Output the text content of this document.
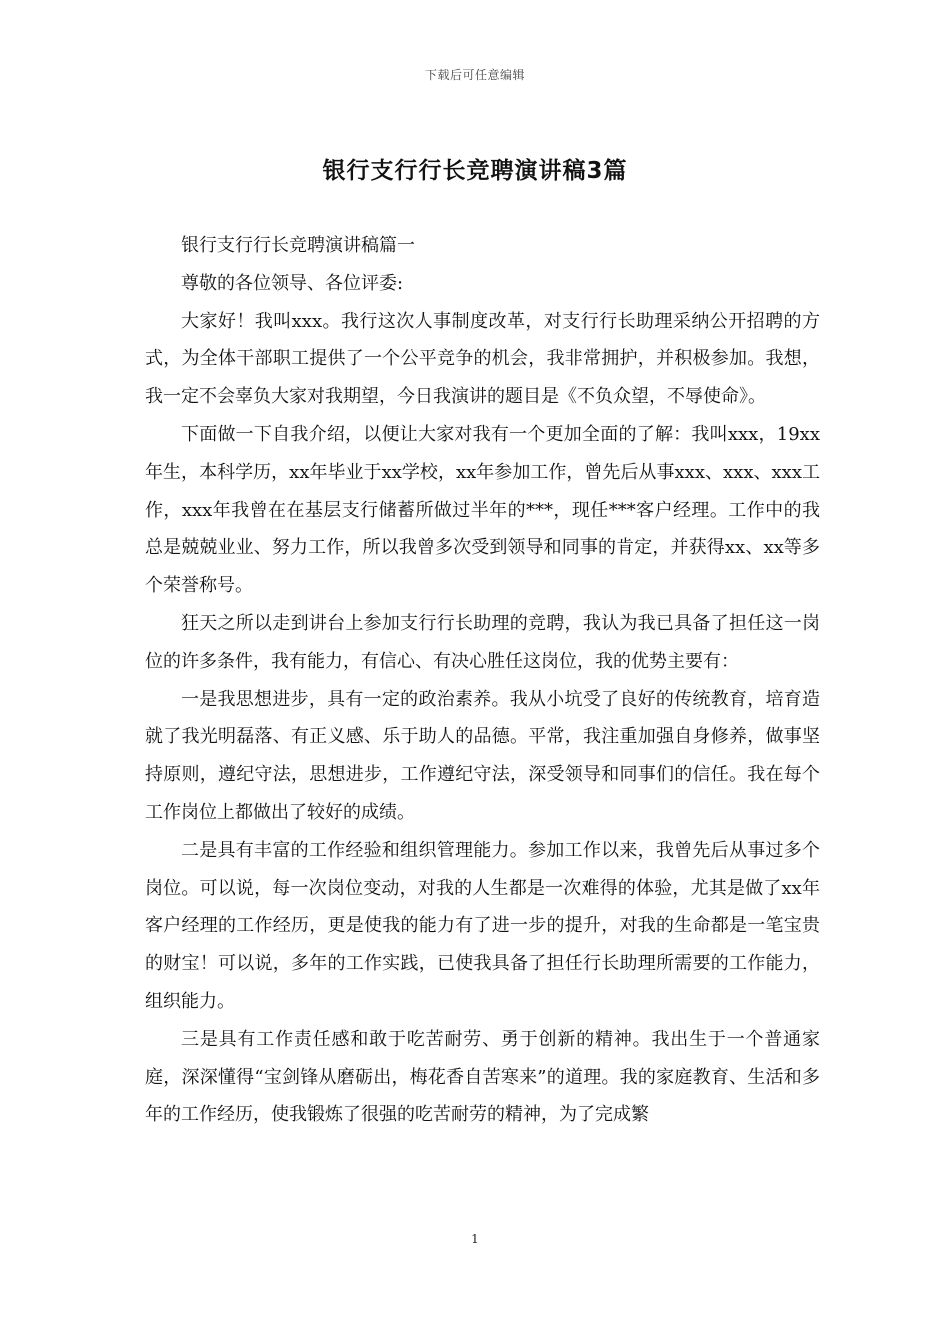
下载后可任意编辑
银行支行行长竞聘演讲稿3篇

银行支行行长竞聘演讲稿篇一

尊敬的各位领导、各位评委:

大家好！我叫xxx。我行这次人事制度改革，对支行行长助理采纳公开招聘的方式，为全体干部职工提供了一个公平竞争的机会，我非常拥护，并积极参加。我想，我一定不会辜负大家对我期望，今日我演讲的题目是《不负众望，不辱使命》。

下面做一下自我介绍，以便让大家对我有一个更加全面的了解：我叫xxx，19xx年生，本科学历，xx年毕业于xx学校，xx年参加工作，曾先后从事xxx、xxx、xxx工作，xxx年我曾在在基层支行储蓄所做过半年的***，现任***客户经理。工作中的我总是兢兢业业、努力工作，所以我曾多次受到领导和同事的肯定，并获得xx、xx等多个荣誉称号。

狂天之所以走到讲台上参加支行行长助理的竞聘，我认为我已具备了担任这一岗位的许多条件，我有能力，有信心、有决心胜任这岗位，我的优势主要有：

一是我思想进步，具有一定的政治素养。我从小坑受了良好的传统教育，培育造就了我光明磊落、有正义感、乐于助人的品德。平常，我注重加强自身修养，做事坚持原则，遵纪守法，思想进步，工作遵纪守法，深受领导和同事们的信任。我在每个工作岗位上都做出了较好的成绩。

二是具有丰富的工作经验和组织管理能力。参加工作以来，我曾先后从事过多个岗位。可以说，每一次岗位变动，对我的人生都是一次难得的体验，尤其是做了xx年客户经理的工作经历，更是使我的能力有了进一步的提升，对我的生命都是一笔宝贵的财宝！可以说，多年的工作实践，已使我具备了担任行长助理所需要的工作能力，组织能力。

三是具有工作责任感和敢于吃苦耐劳、勇于创新的精神。我出生于一个普通家庭，深深懂得“宝剑锋从磨砺出，梅花香自苦寒来”的道理。我的家庭教育、生活和多年的工作经历，使我锻炼了很强的吃苦耐劳的精神，为了完成繁

1
